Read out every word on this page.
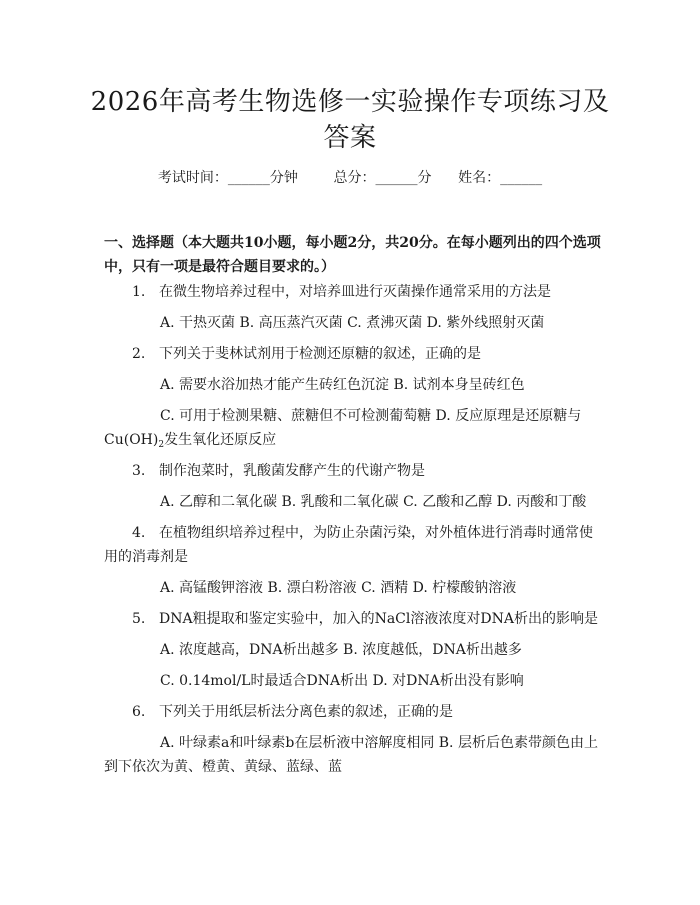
2026年高考生物选修一实验操作专项练习及答案
考试时间：______分钟	总分：______分 姓名：______
一、选择题（本大题共10小题，每小题2分，共20分。在每小题列出的四个选项中，只有一项是最符合题目要求的。）
1. 在微生物培养过程中，对培养皿进行灭菌操作通常采用的方法是
A. 干热灭菌 B. 高压蒸汽灭菌 C. 煮沸灭菌 D. 紫外线照射灭菌
2. 下列关于斐林试剂用于检测还原糖的叙述，正确的是
A. 需要水浴加热才能产生砖红色沉淀 B. 试剂本身呈砖红色
C. 可用于检测果糖、蔗糖但不可检测葡萄糖 D. 反应原理是还原糖与
$Cu(OH)_2$发生氧化还原反应
3. 制作泡菜时，乳酸菌发酵产生的代谢产物是
A. 乙醇和二氧化碳 B. 乳酸和二氧化碳 C. 乙酸和乙醇 D. 丙酸和丁酸
4. 在植物组织培养过程中，为防止杂菌污染，对外植体进行消毒时通常使用的消毒剂是
A. 高锰酸钾溶液 B. 漂白粉溶液 C. 酒精 D. 柠檬酸钠溶液
5. DNA粗提取和鉴定实验中，加入的NaCl溶液浓度对DNA析出的影响是
A. 浓度越高，DNA析出越多 B. 浓度越低，DNA析出越多
C. 0.14mol/L时最适合DNA析出 D. 对DNA析出没有影响
6. 下列关于用纸层析法分离色素的叙述，正确的是
A. 叶绿素a和叶绿素b在层析液中溶解度相同 B. 层析后色素带颜色由上到下依次为黄、橙黄、黄绿、蓝绿、蓝
